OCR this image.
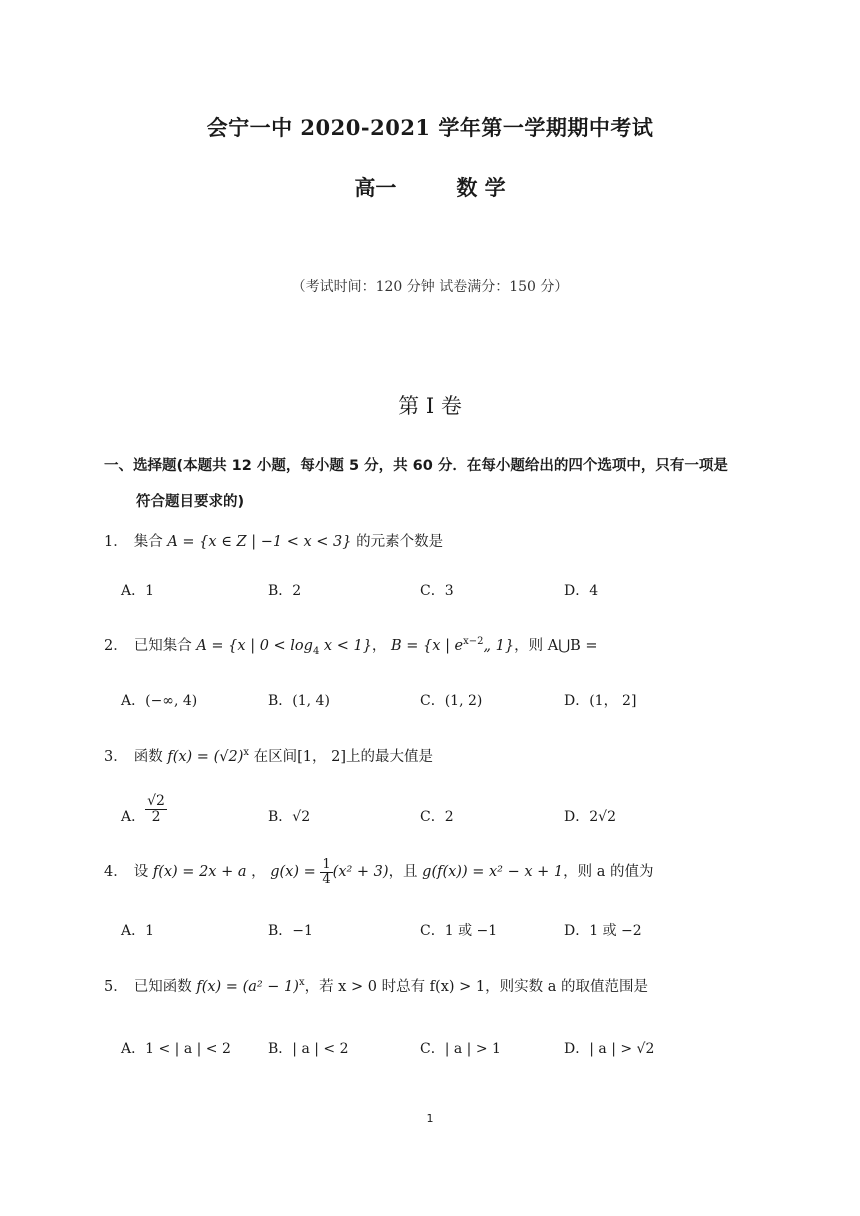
会宁一中 2020-2021 学年第一学期期中考试
高一	数 学
（考试时间：120 分钟 试卷满分：150 分）
第 I 卷
一、选择题(本题共 12 小题，每小题 5 分，共 60 分．在每小题给出的四个选项中，只有一项是
符合题目要求的)
1． 集合 A = {x ∈ Z | −1 < x < 3} 的元素个数是
A．1	B．2	C．3	D．4
2． 已知集合 A = {x | $0 < \log_4 x < 1$}， B = {x | $e^{x-2}„$ 1}，则 A⋃B =
A．(−∞, 4)	B．(1, 4)	C．(1, 2)	D．(1， 2]
3． 函数 $f(x) = (√2)^x$ 在区间[1， 2]上的最大值是
A． $\frac{√2}{2}$	B．√2	C．2	D．2√2
4． 设 f(x) = 2x + a ， $g(x) = \frac{1}{4} (x^2 + 3)$，且 g(f(x)) = x² − x + 1，则 a 的值为
A．1	B．−1	C．1 或 −1	D．1 或 −2
5． 已知函数 $f(x) = (a^2 - 1)^x$，若 x > 0 时总有 f(x) > 1，则实数 a 的取值范围是
A．1 < | a | < 2	B．| a | < 2	C．| a | > 1	D．| a | > √2
1
